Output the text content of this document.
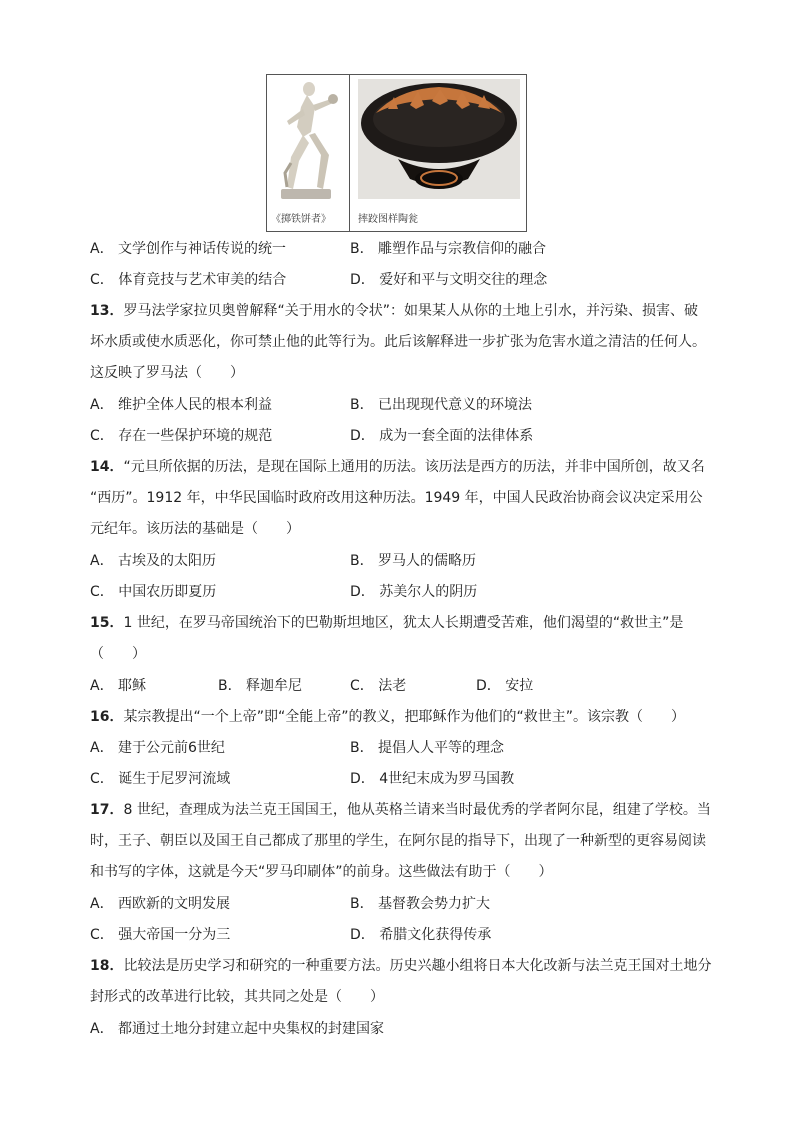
《掷铁饼者》	摔跤图样陶瓮
A． 文学创作与神话传说的统一	B． 雕塑作品与宗教信仰的融合
C． 体育竞技与艺术审美的结合	D． 爱好和平与文明交往的理念
13．罗马法学家拉贝奥曾解释“关于用水的令状”：如果某人从你的土地上引水，并污染、损害、破
坏水质或使水质恶化，你可禁止他的此等行为。此后该解释进一步扩张为危害水道之清洁的任何人。
这反映了罗马法（　　）
A． 维护全体人民的根本利益	B． 已出现现代意义的环境法
C． 存在一些保护环境的规范	D． 成为一套全面的法律体系
14．“元旦所依据的历法，是现在国际上通用的历法。该历法是西方的历法，并非中国所创，故又名
“西历”。1912 年，中华民国临时政府改用这种历法。1949 年，中国人民政治协商会议决定采用公
元纪年。该历法的基础是（　　）
A． 古埃及的太阳历	B． 罗马人的儒略历
C． 中国农历即夏历	D． 苏美尔人的阴历
15．1 世纪，在罗马帝国统治下的巴勒斯坦地区，犹太人长期遭受苦难，他们渴望的“救世主”是
（　　）
A． 耶稣	B． 释迦牟尼	C． 法老	D． 安拉
16．某宗教提出“一个上帝”即“全能上帝”的教义，把耶稣作为他们的“救世主”。该宗教（　　）
A． 建于公元前6世纪	B． 提倡人人平等的理念
C． 诞生于尼罗河流域	D． 4世纪末成为罗马国教
17．8 世纪，查理成为法兰克王国国王，他从英格兰请来当时最优秀的学者阿尔昆，组建了学校。当
时，王子、朝臣以及国王自己都成了那里的学生，在阿尔昆的指导下，出现了一种新型的更容易阅读
和书写的字体，这就是今天“罗马印刷体”的前身。这些做法有助于（　　）
A． 西欧新的文明发展	B． 基督教会势力扩大
C． 强大帝国一分为三	D． 希腊文化获得传承
18．比较法是历史学习和研究的一种重要方法。历史兴趣小组将日本大化改新与法兰克王国对土地分
封形式的改革进行比较，其共同之处是（　　）
A． 都通过土地分封建立起中央集权的封建国家
